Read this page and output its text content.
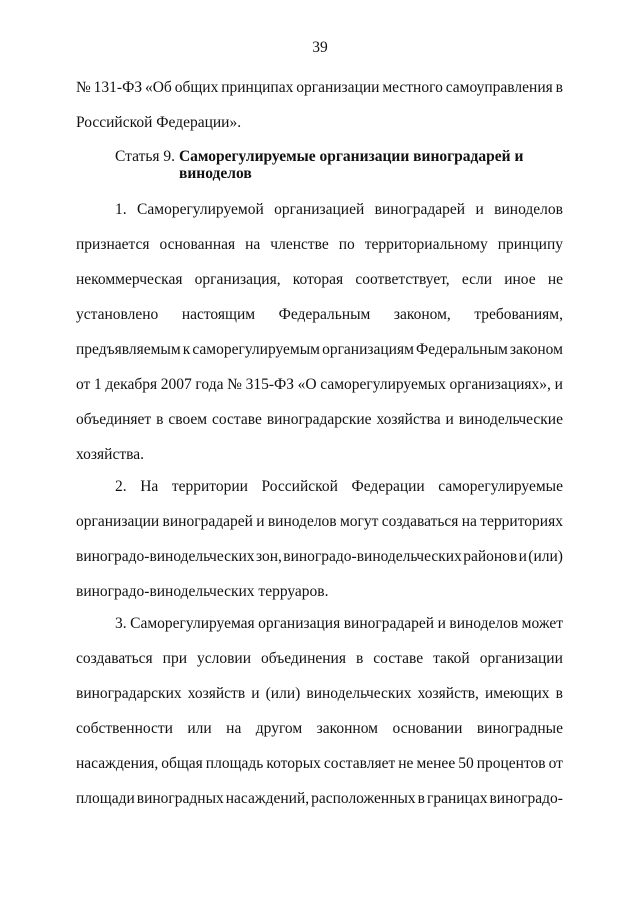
39
№ 131-ФЗ «Об общих принципах организации местного самоуправления в
Российской Федерации».
Статья 9. Саморегулируемые организации виноградарей и
виноделов
1. Саморегулируемой организацией виноградарей и виноделов
признается основанная на членстве по территориальному принципу
некоммерческая организация, которая соответствует, если иное не
установлено настоящим Федеральным законом, требованиям,
предъявляемым к саморегулируемым организациям Федеральным законом
от 1 декабря 2007 года № 315-ФЗ «О саморегулируемых организациях», и
объединяет в своем составе виноградарские хозяйства и винодельческие
хозяйства.
2. На территории Российской Федерации саморегулируемые
организации виноградарей и виноделов могут создаваться на территориях
виноградо-винодельческих зон, виноградо-винодельческих районов и (или)
виноградо-винодельческих терруаров.
3. Саморегулируемая организация виноградарей и виноделов может
создаваться при условии объединения в составе такой организации
виноградарских хозяйств и (или) винодельческих хозяйств, имеющих в
собственности или на другом законном основании виноградные
насаждения, общая площадь которых составляет не менее 50 процентов от
площади виноградных насаждений, расположенных в границах виноградо-
